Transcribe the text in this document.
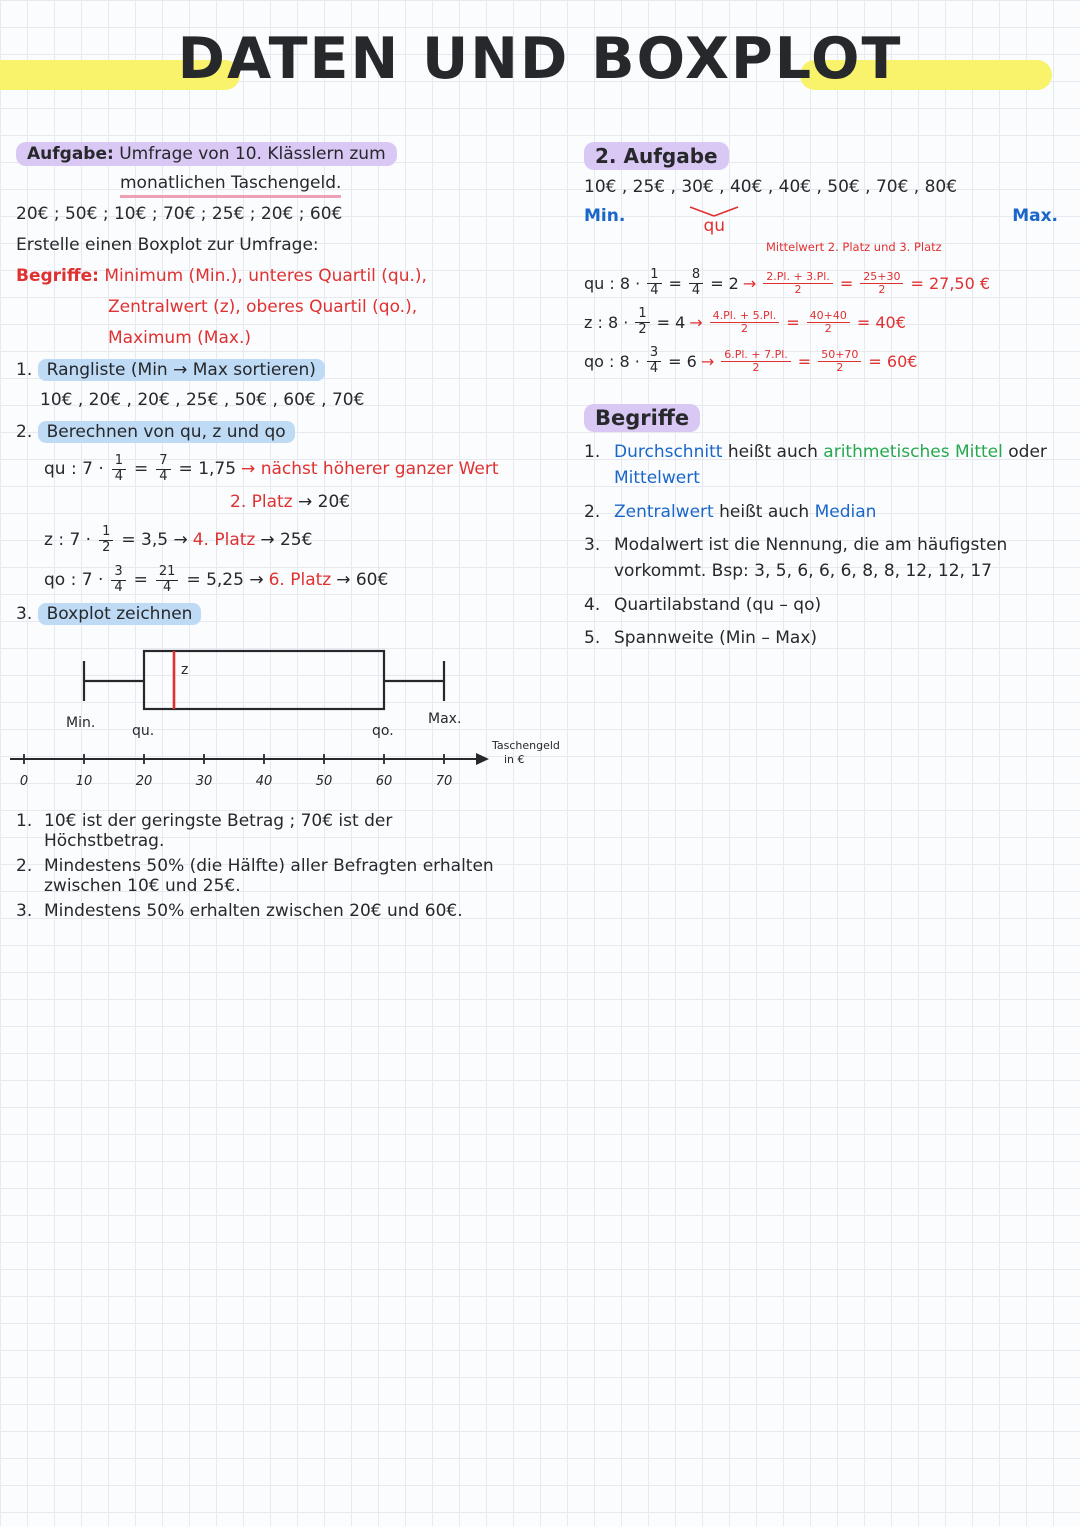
DATEN UND BOXPLOT
Aufgabe: Umfrage von 10. Klässlern zum
monatlichen Taschengeld.
20€ ; 50€ ; 10€ ; 70€ ; 25€ ; 20€ ; 60€
Erstelle einen Boxplot zur Umfrage:
Begriffe: Minimum (Min.), unteres Quartil (qu.),
Zentralwert (z), oberes Quartil (qo.),
Maximum (Max.)
1. Rangliste (Min → Max sortieren)
10€ , 20€ , 20€ , 25€ , 50€ , 60€ , 70€
2. Berechnen von qu, z und qo
qu : $7 \cdot \frac{1}{4} = \frac{7}{4} = 1,75$ → nächst höherer ganzer Wert
2. Platz → 20€
z : $7 \cdot \frac{1}{2} = 3,5 \to 4$. Platz → 25€
qo : $7 \cdot \frac{3}{4} = \frac{21}{4} = 5,25 \to 6$. Platz → 60€
3. Boxplot zeichnen
z
Min.	qu.	qo.
Max.
0	10	20	30	40	50	60	70
Taschengeld
in €
1. 10€ ist der geringste Betrag ; 70€ ist der
Höchstbetrag.
2. Mindestens 50% (die Hälfte) aller Befragten erhalten
zwischen 10€ und 25€.
3. Mindestens 50% erhalten zwischen 20€ und 60€.
2. Aufgabe
10€ , 25€ , 30€ , 40€ , 40€ , 50€ , 70€ , 80€
Min.	qu	Max.
Mittelwert 2. Platz und 3. Platz
qu : $8 \cdot \frac{1}{4} = \frac{8}{4} = 2 \to \frac{2.Pl. + 3.Pl.}{2} = \frac{25+30}{2} = 27,50$ €
z : $8 \cdot \frac{1}{2} = 4 \to \frac{4.Pl. + 5.Pl.}{2} = \frac{40+40}{2}$ = 40€
qo : $8 \cdot \frac{3}{4} = 6 \to \frac{6.Pl. + 7.Pl.}{2} = \frac{50+70}{2}$ = 60€
Begriffe
1. Durchschnitt heißt auch arithmetisches Mittel oder Mittelwert
2. Zentralwert heißt auch Median
3. Modalwert ist die Nennung, die am häufigsten vorkommt. Bsp: 3, 5, 6, 6, 6, 8, 8, 12, 12, 17
4. Quartilabstand (qu – qo)
5. Spannweite (Min – Max)
